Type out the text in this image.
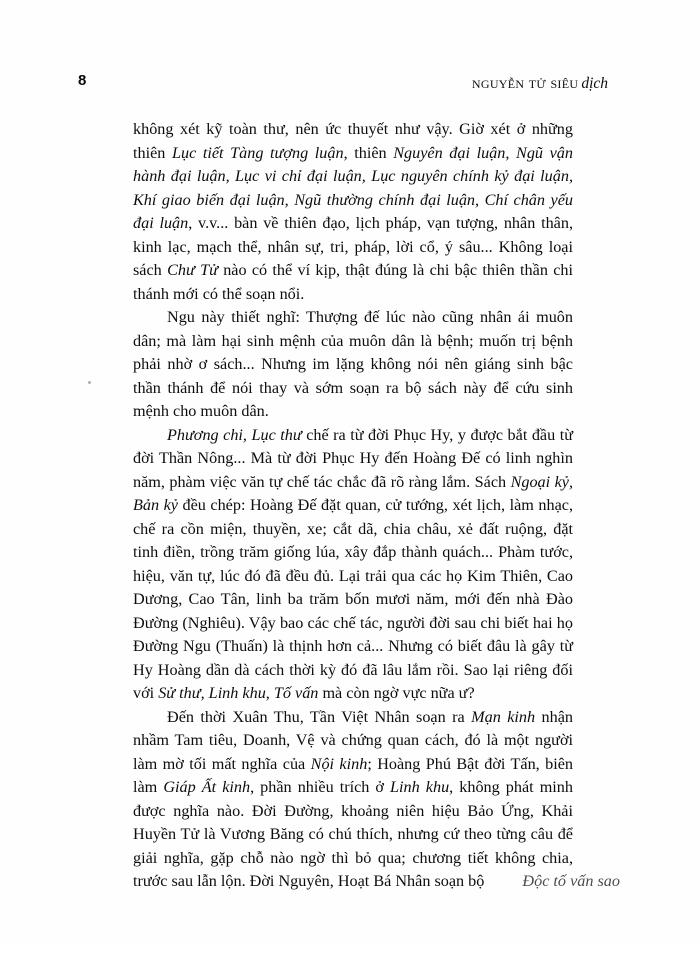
8	nguyễn tử siêu dịch

không xét kỹ toàn thư, nên ức thuyết như vậy. Giờ xét ở những thiên Lục tiết Tàng tượng luận, thiên Nguyên đại luận, Ngũ vận hành đại luận, Lục vi chỉ đại luận, Lục nguyên chính kỷ đại luận, Khí giao biến đại luận, Ngũ thường chính đại luận, Chí chân yếu đại luận, v.v... bàn về thiên đạo, lịch pháp, vạn tượng, nhân thân, kinh lạc, mạch thể, nhân sự, tri, pháp, lời cổ, ý sâu... Không loại sách Chư Tử nào có thể ví kịp, thật đúng là chi bậc thiên thần chi thánh mới có thể soạn nổi.

Ngu này thiết nghĩ: Thượng đế lúc nào cũng nhân ái muôn dân; mà làm hại sinh mệnh của muôn dân là bệnh; muốn trị bệnh phải nhờ ơ sách... Nhưng im lặng không nói nên giáng sinh bậc thần thánh để nói thay và sớm soạn ra bộ sách này để cứu sinh mệnh cho muôn dân.

Phương chi, Lục thư chế ra từ đời Phục Hy, y được bắt đầu từ đời Thần Nông... Mà từ đời Phục Hy đến Hoàng Đế có linh nghìn năm, phàm việc văn tự chế tác chắc đã rõ ràng lắm. Sách Ngoại kỷ, Bản kỷ đều chép: Hoàng Đế đặt quan, cử tướng, xét lịch, làm nhạc, chế ra cồn miện, thuyền, xe; cắt dã, chia châu, xẻ đất ruộng, đặt tinh điền, trồng trăm giống lúa, xây đắp thành quách... Phàm tước, hiệu, văn tự, lúc đó đã đều đủ. Lại trải qua các họ Kim Thiên, Cao Dương, Cao Tân, linh ba trăm bốn mươi năm, mới đến nhà Đào Đường (Nghiêu). Vậy bao các chế tác, người đời sau chi biết hai họ Đường Ngu (Thuấn) là thịnh hơn cả... Nhưng có biết đâu là gây từ Hy Hoàng dần dà cách thời kỳ đó đã lâu lắm rồi. Sao lại riêng đối với Sử thư, Linh khu, Tố vấn mà còn ngờ vực nữa ư?

Đến thời Xuân Thu, Tần Việt Nhân soạn ra Mạn kinh nhận nhầm Tam tiêu, Doanh, Vệ và chứng quan cách, đó là một người làm mờ tối mất nghĩa của Nội kinh; Hoàng Phú Bật đời Tấn, biên làm Giáp Ất kinh, phần nhiều trích ở Linh khu, không phát minh được nghĩa nào. Đời Đường, khoảng niên hiệu Bảo Ứng, Khải Huyền Tử là Vương Băng có chú thích, nhưng cứ theo từng câu để giải nghĩa, gặp chỗ nào ngờ thì bỏ qua; chương tiết không chia, trước sau lẫn lộn. Đời Nguyên, Hoạt Bá Nhân soạn bộ Độc tố vấn sao
